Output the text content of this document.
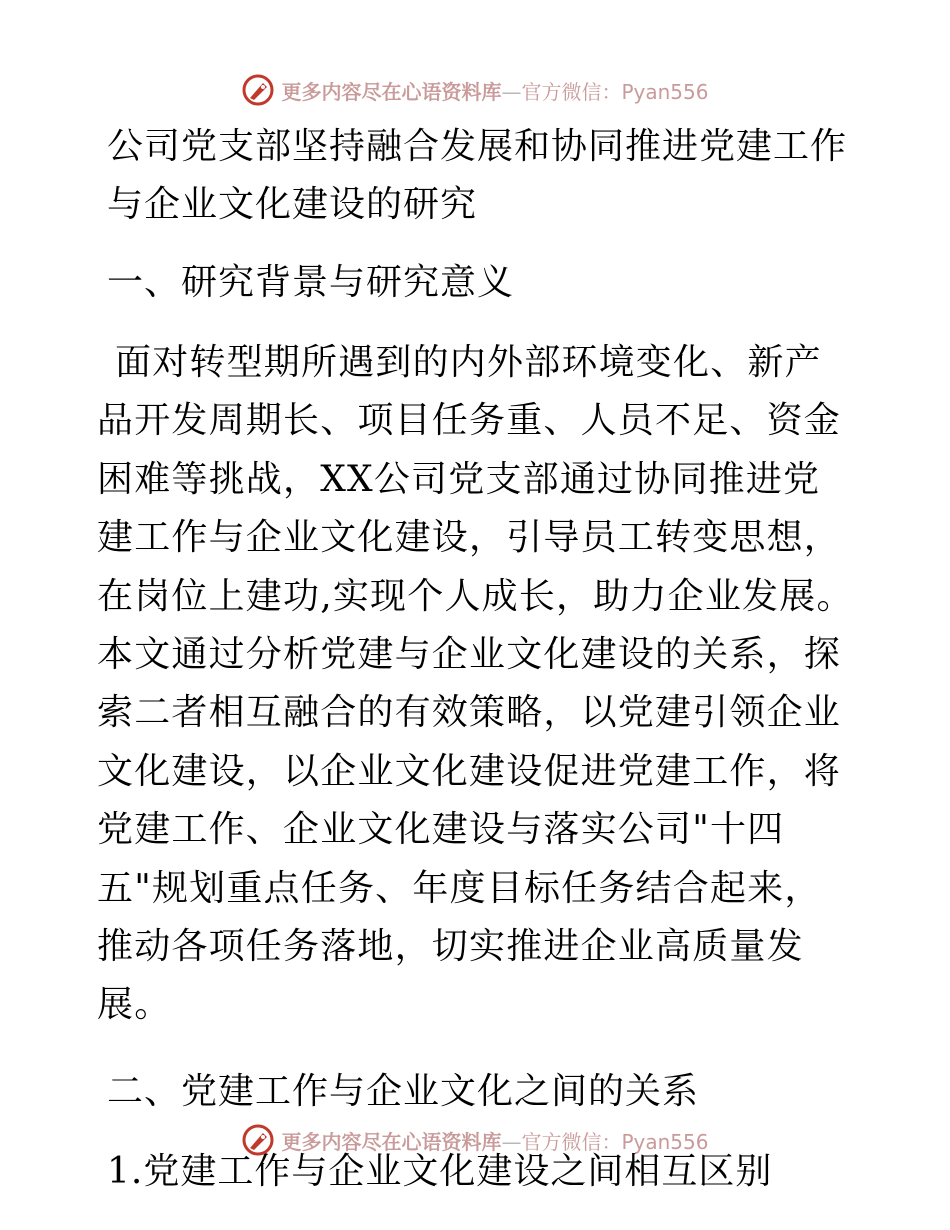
更多内容尽在心语资料库—官方微信：Pyan556
公司党支部坚持融合发展和协同推进党建工作与企业文化建设的研究

一、研究背景与研究意义

面对转型期所遇到的内外部环境变化、新产品开发周期长、项目任务重、人员不足、资金困难等挑战，XX公司党支部通过协同推进党建工作与企业文化建设，引导员工转变思想，在岗位上建功,实现个人成长，助力企业发展。本文通过分析党建与企业文化建设的关系，探索二者相互融合的有效策略，以党建引领企业文化建设，以企业文化建设促进党建工作，将党建工作、企业文化建设与落实公司"十四五"规划重点任务、年度目标任务结合起来，推动各项任务落地，切实推进企业高质量发展。

二、党建工作与企业文化之间的关系

1.党建工作与企业文化建设之间相互区别

更多内容尽在心语资料库—官方微信：Pyan556
